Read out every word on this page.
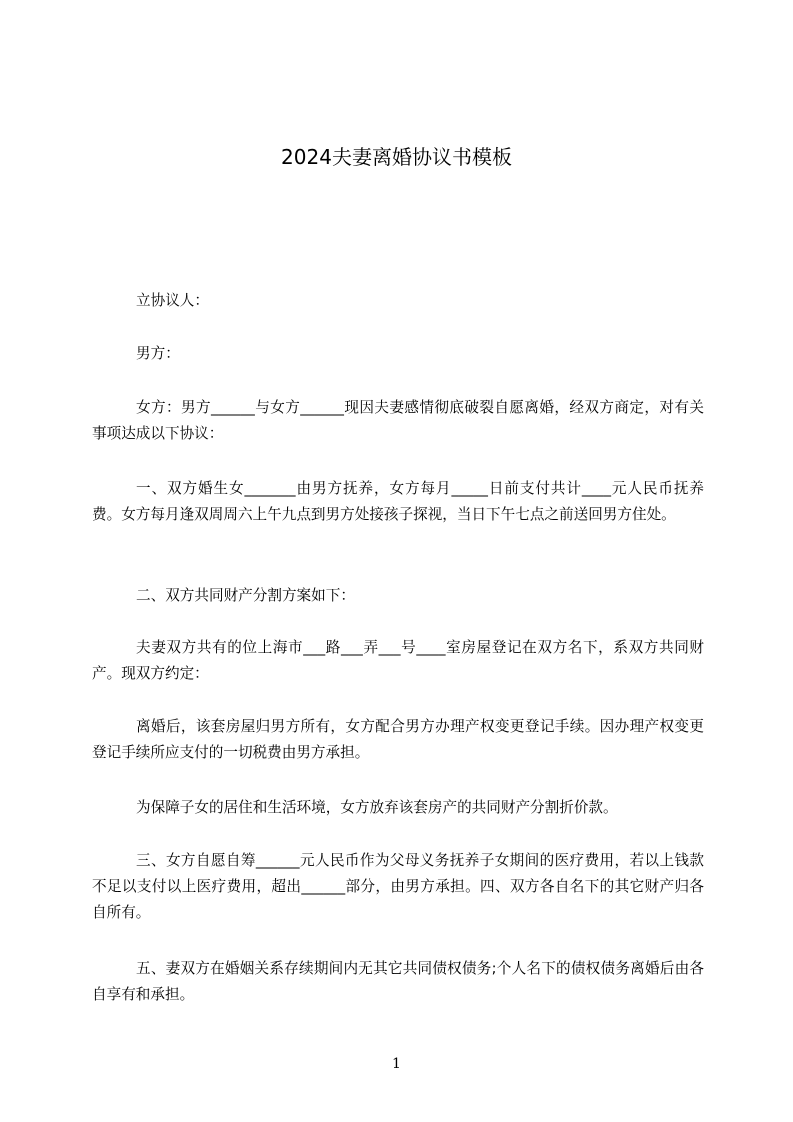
2024夫妻离婚协议书模板
立协议人：
男方：
女方：男方______与女方______现因夫妻感情彻底破裂自愿离婚，经双方商定，对有关事项达成以下协议：
一、双方婚生女_______由男方抚养，女方每月_____日前支付共计____元人民币抚养费。女方每月逢双周周六上午九点到男方处接孩子探视，当日下午七点之前送回男方住处。
二、双方共同财产分割方案如下：
夫妻双方共有的位上海市___路___弄___号____室房屋登记在双方名下，系双方共同财产。现双方约定：
离婚后，该套房屋归男方所有，女方配合男方办理产权变更登记手续。因办理产权变更登记手续所应支付的一切税费由男方承担。
为保障子女的居住和生活环境，女方放弃该套房产的共同财产分割折价款。
三、女方自愿自筹______元人民币作为父母义务抚养子女期间的医疗费用，若以上钱款不足以支付以上医疗费用，超出______部分，由男方承担。四、双方各自名下的其它财产归各自所有。
五、妻双方在婚姻关系存续期间内无其它共同债权债务;个人名下的债权债务离婚后由各自享有和承担。
1
